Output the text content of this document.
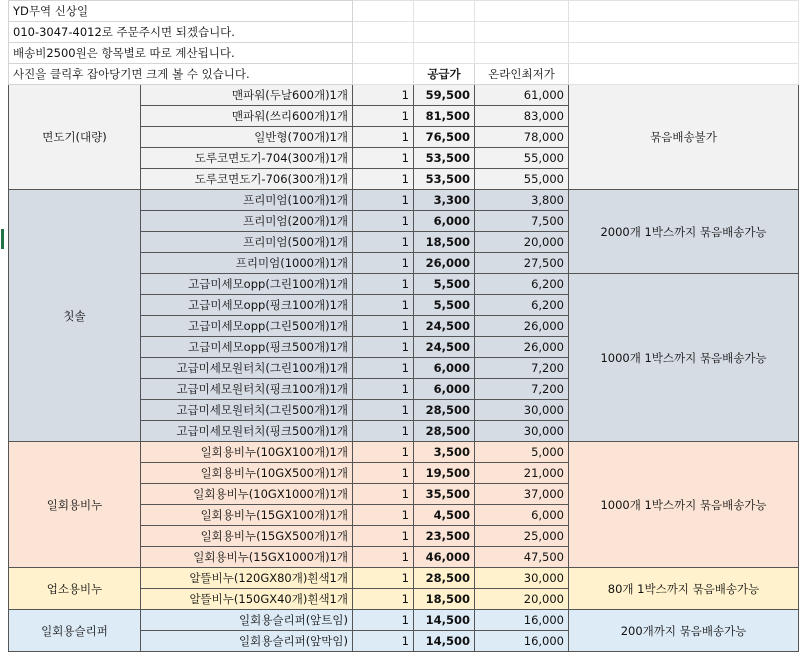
YD무역 신상일					
010-3047-4012로 주문주시면 되겠습니다.					
배송비2500원은 항목별로 따로 계산됩니다.					
사진을 클릭후 잡아당기면 크게 볼 수 있습니다.			공급가	온라인최저가	
면도기(대량)	맨파워(두날600개)1개	1	59,500	61,000	묶음배송불가
	맨파워(쓰리600개)1개	1	81,500	83,000	
	일반형(700개)1개	1	76,500	78,000	
	도루코면도기-704(300개)1개	1	53,500	55,000	
	도루코면도기-706(300개)1개	1	53,500	55,000	
칫솔	프리미엄(100개)1개	1	3,300	3,800	2000개 1박스까지 묶음배송가능
	프리미엄(200개)1개	1	6,000	7,500	
	프리미엄(500개)1개	1	18,500	20,000	
	프리미엄(1000개)1개	1	26,000	27,500	
	고급미세모opp(그린100개)1개	1	5,500	6,200	1000개 1박스까지 묶음배송가능
	고급미세모opp(핑크100개)1개	1	5,500	6,200	
	고급미세모opp(그린500개)1개	1	24,500	26,000	
	고급미세모opp(핑크500개)1개	1	24,500	26,000	
	고급미세모원터치(그린100개)1개	1	6,000	7,200	
	고급미세모원터치(핑크100개)1개	1	6,000	7,200	
	고급미세모원터치(그린500개)1개	1	28,500	30,000	
	고급미세모원터치(핑크500개)1개	1	28,500	30,000	
일회용비누	일회용비누(10GX100개)1개	1	3,500	5,000	1000개 1박스까지 묶음배송가능
	일회용비누(10GX500개)1개	1	19,500	21,000	
	일회용비누(10GX1000개)1개	1	35,500	37,000	
	일회용비누(15GX100개)1개	1	4,500	6,000	
	일회용비누(15GX500개)1개	1	23,500	25,000	
	일회용비누(15GX1000개)1개	1	46,000	47,500	
업소용비누	알뜰비누(120GX80개)흰색1개	1	28,500	30,000	80개 1박스까지 묶음배송가능
	알뜰비누(150GX40개)흰색1개	1	18,500	20,000	
일회용슬리퍼	일회용슬리퍼(앞트임)	1	14,500	16,000	200개까지 묶음배송가능
	일회용슬리퍼(앞막임)	1	14,500	16,000	
